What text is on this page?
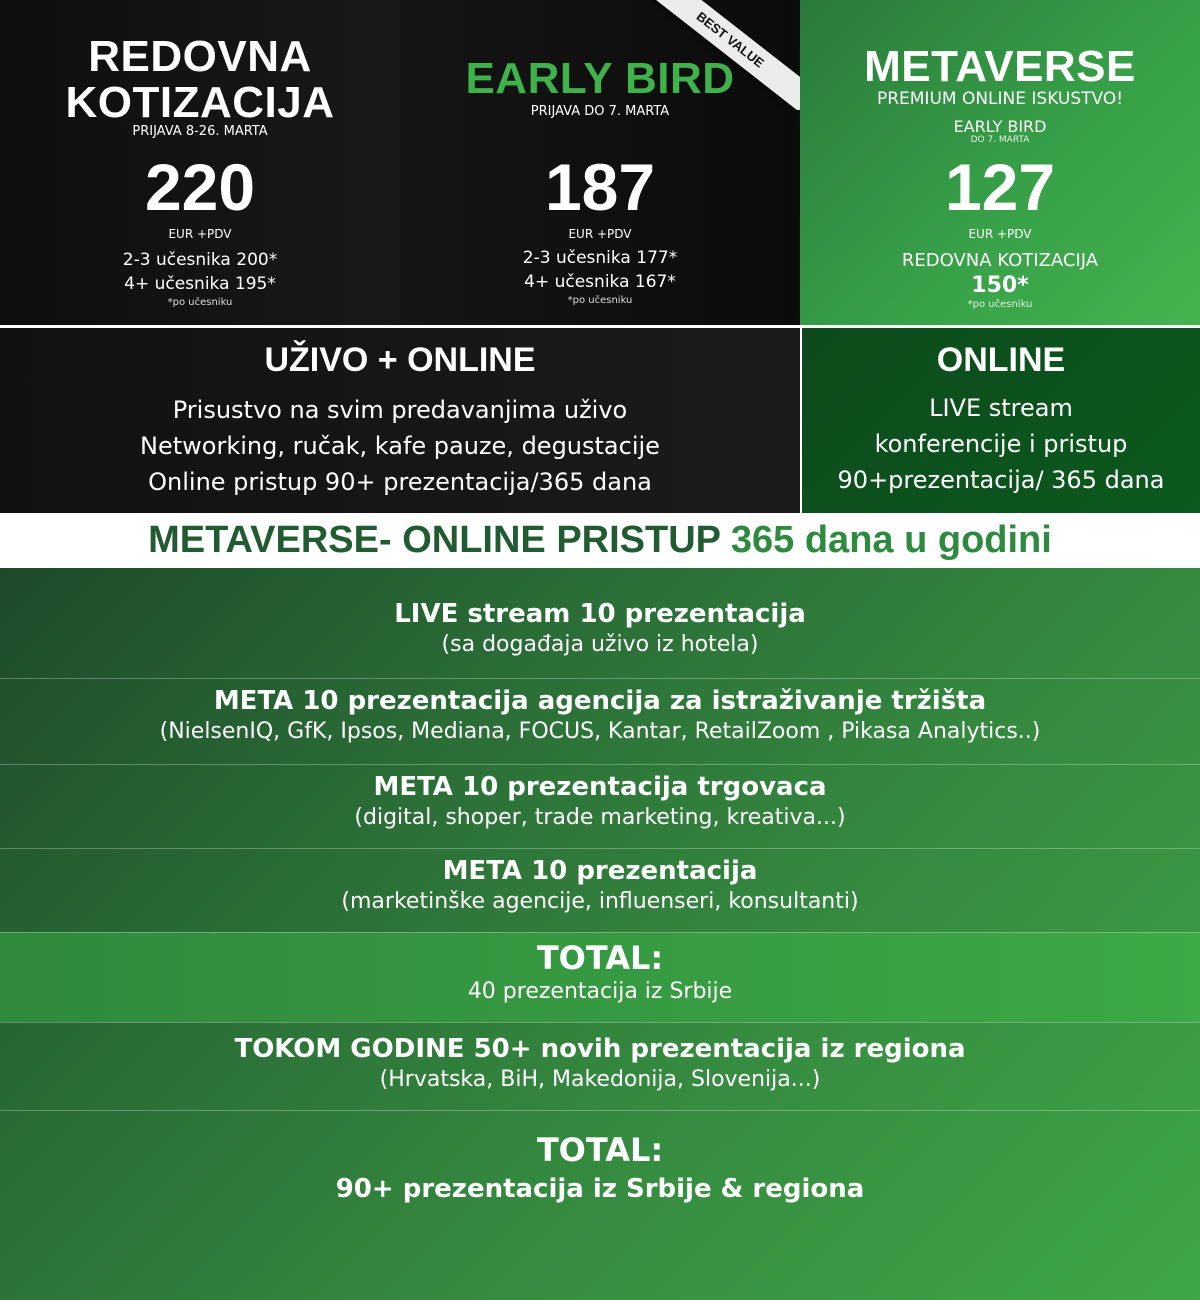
REDOVNA
KOTIZACIJA
PRIJAVA 8-26. MARTA
220
EUR +PDV
2-3 učesnika 200*
4+ učesnika 195*
*po učesniku
BEST VALUE
EARLY BIRD
PRIJAVA DO 7. MARTA
187
EUR +PDV
2-3 učesnika 177*
4+ učesnika 167*
*po učesniku
METAVERSE
PREMIUM ONLINE ISKUSTVO!
EARLY BIRD
DO 7. MARTA
127
EUR +PDV
REDOVNA KOTIZACIJA
150*
*po učesniku
UŽIVO + ONLINE
Prisustvo na svim predavanjima uživo
Networking, ručak, kafe pauze, degustacije
Online pristup 90+ prezentacija/365 dana
ONLINE
LIVE stream
konferencije i pristup
90+prezentacija/ 365 dana
METAVERSE- ONLINE PRISTUP 365 dana u godini
LIVE stream 10 prezentacija
(sa događaja uživo iz hotela)
META 10 prezentacija agencija za istraživanje tržišta
(NielsenIQ, GfK, Ipsos, Mediana, FOCUS, Kantar, RetailZoom , Pikasa Analytics..)
META 10 prezentacija trgovaca
(digital, shoper, trade marketing, kreativa...)
META 10 prezentacija
(marketinške agencije, influenseri, konsultanti)
TOTAL:
40 prezentacija iz Srbije
TOKOM GODINE 50+ novih prezentacija iz regiona
(Hrvatska, BiH, Makedonija, Slovenija...)
TOTAL:
90+ prezentacija iz Srbije & regiona
